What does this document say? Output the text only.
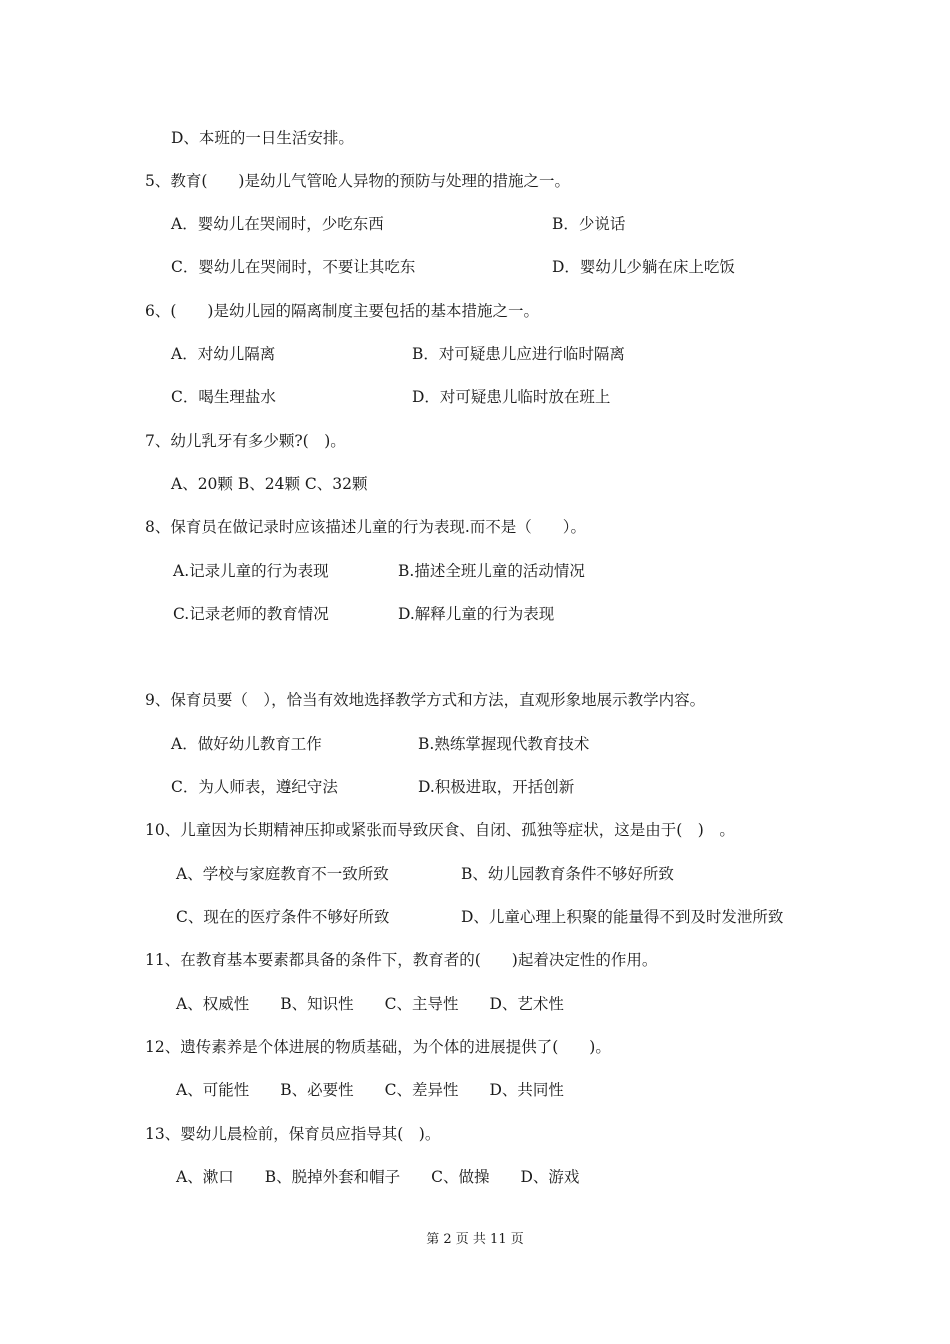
D、本班的一日生活安排。
5、教育(　　)是幼儿气管呛人异物的预防与处理的措施之一。
A．婴幼儿在哭闹时，少吃东西	B．少说话
C．婴幼儿在哭闹时，不要让其吃东	D．婴幼儿少躺在床上吃饭
6、(　　)是幼儿园的隔离制度主要包括的基本措施之一。
A．对幼儿隔离	B．对可疑患儿应进行临时隔离
C．喝生理盐水	D．对可疑患儿临时放在班上
7、幼儿乳牙有多少颗?(　)。
A、20颗 B、24颗 C、32颗
8、保育员在做记录时应该描述儿童的行为表现.而不是（　　）。
A.记录儿童的行为表现	B.描述全班儿童的活动情况
C.记录老师的教育情况	D.解释儿童的行为表现
9、保育员要（　），恰当有效地选择教学方式和方法，直观形象地展示教学内容。
A．做好幼儿教育工作	B.熟练掌握现代教育技术
C．为人师表，遵纪守法	D.积极进取，开括创新
10、儿童因为长期精神压抑或紧张而导致厌食、自闭、孤独等症状，这是由于(　)　。
A、学校与家庭教育不一致所致	B、幼儿园教育条件不够好所致
C、现在的医疗条件不够好所致	D、儿童心理上积聚的能量得不到及时发泄所致
11、在教育基本要素都具备的条件下，教育者的(　　)起着决定性的作用。
A、权威性　　B、知识性　　C、主导性　　D、艺术性
12、遗传素养是个体进展的物质基础，为个体的进展提供了(　　)。
A、可能性　　B、必要性　　C、差异性　　D、共同性
13、婴幼儿晨检前，保育员应指导其(　)。
A、漱口　　B、脱掉外套和帽子　　C、做操　　D、游戏
第 2 页 共 11 页
